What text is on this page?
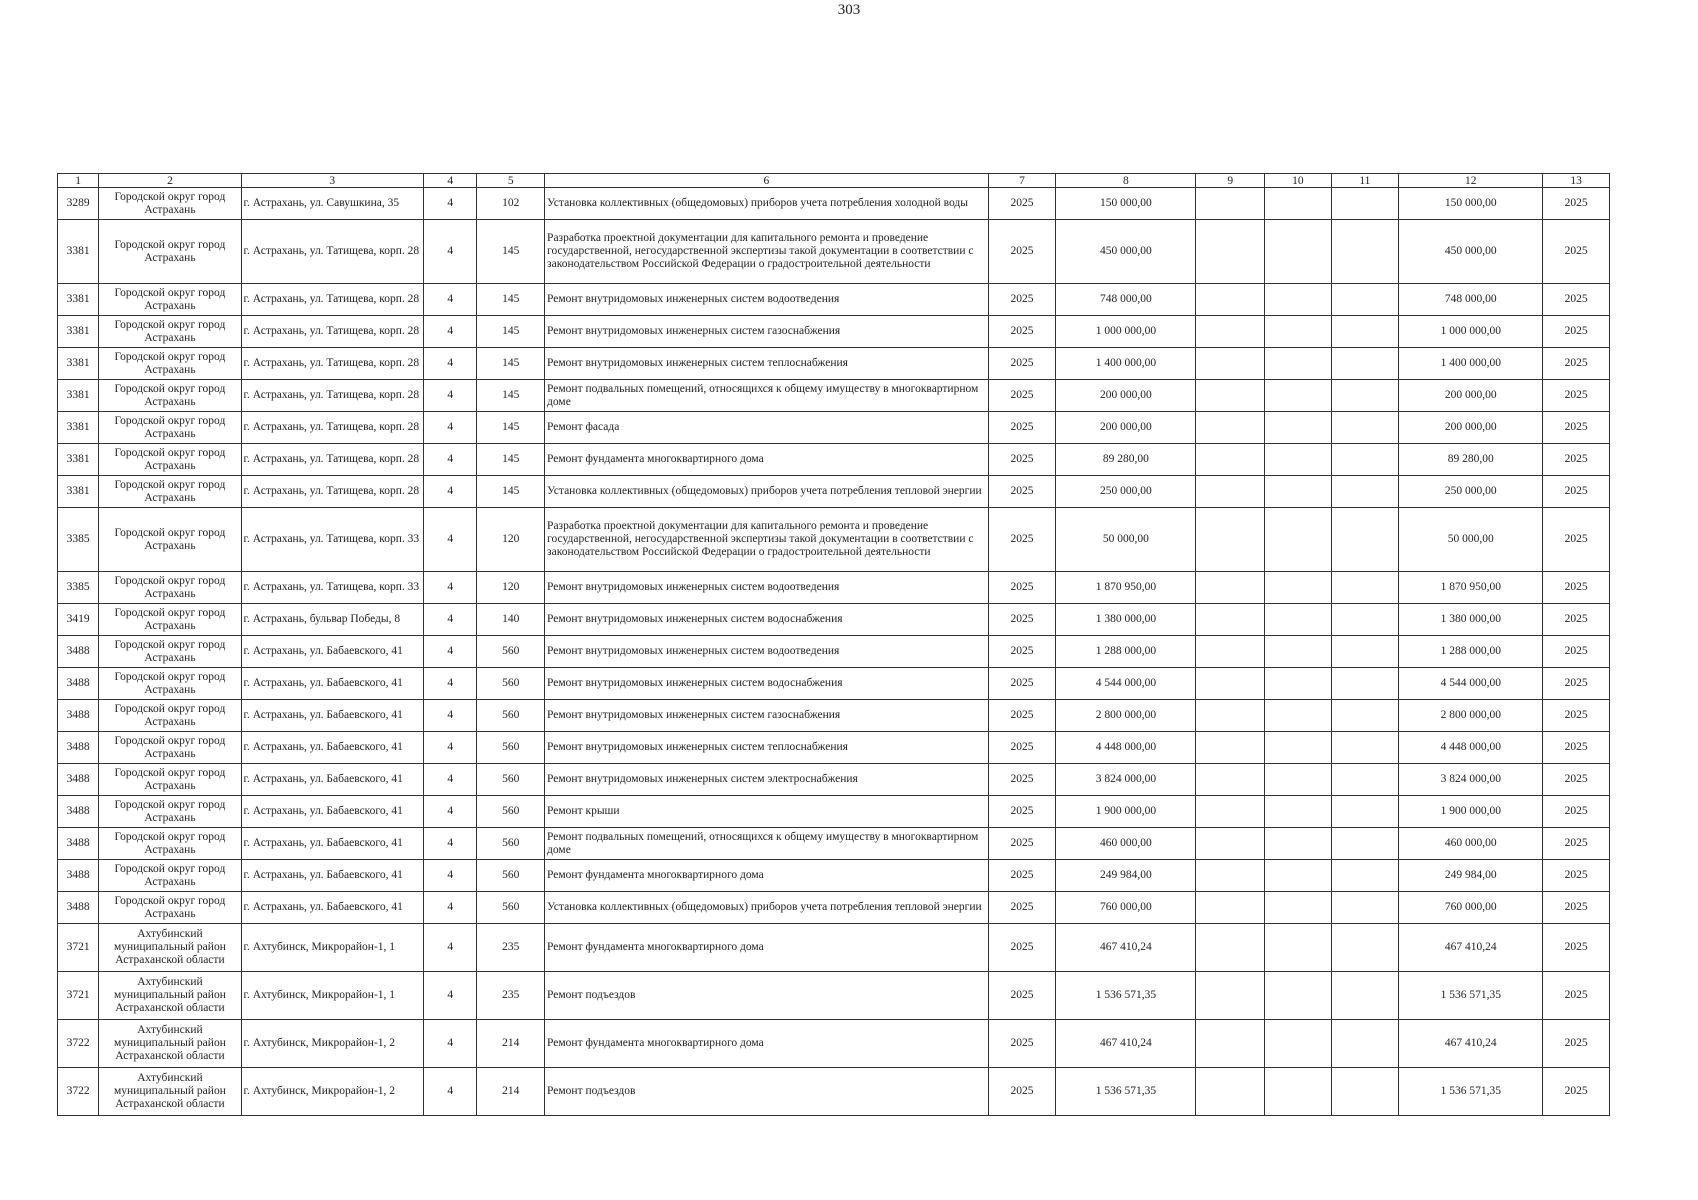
303
1	2	3	4	5	6	7	8	9	10	11	12	13
3289	Городской округ город Астрахань	г. Астрахань, ул. Савушкина, 35	4	102	Установка коллективных (общедомовых) приборов учета потребления холодной воды	2025	150 000,00				150 000,00	2025
3381	Городской округ город Астрахань	г. Астрахань, ул. Татищева, корп. 28	4	145	Разработка проектной документации для капитального ремонта и проведение государственной, негосударственной экспертизы такой документации в соответствии с законодательством Российской Федерации о градостроительной деятельности	2025	450 000,00				450 000,00	2025
3381	Городской округ город Астрахань	г. Астрахань, ул. Татищева, корп. 28	4	145	Ремонт внутридомовых инженерных систем водоотведения	2025	748 000,00				748 000,00	2025
3381	Городской округ город Астрахань	г. Астрахань, ул. Татищева, корп. 28	4	145	Ремонт внутридомовых инженерных систем газоснабжения	2025	1 000 000,00				1 000 000,00	2025
3381	Городской округ город Астрахань	г. Астрахань, ул. Татищева, корп. 28	4	145	Ремонт внутридомовых инженерных систем теплоснабжения	2025	1 400 000,00				1 400 000,00	2025
3381	Городской округ город Астрахань	г. Астрахань, ул. Татищева, корп. 28	4	145	Ремонт подвальных помещений, относящихся к общему имуществу в многоквартирном доме	2025	200 000,00				200 000,00	2025
3381	Городской округ город Астрахань	г. Астрахань, ул. Татищева, корп. 28	4	145	Ремонт фасада	2025	200 000,00				200 000,00	2025
3381	Городской округ город Астрахань	г. Астрахань, ул. Татищева, корп. 28	4	145	Ремонт фундамента многоквартирного дома	2025	89 280,00				89 280,00	2025
3381	Городской округ город Астрахань	г. Астрахань, ул. Татищева, корп. 28	4	145	Установка коллективных (общедомовых) приборов учета потребления тепловой энергии	2025	250 000,00				250 000,00	2025
3385	Городской округ город Астрахань	г. Астрахань, ул. Татищева, корп. 33	4	120	Разработка проектной документации для капитального ремонта и проведение государственной, негосударственной экспертизы такой документации в соответствии с законодательством Российской Федерации о градостроительной деятельности	2025	50 000,00				50 000,00	2025
3385	Городской округ город Астрахань	г. Астрахань, ул. Татищева, корп. 33	4	120	Ремонт внутридомовых инженерных систем водоотведения	2025	1 870 950,00				1 870 950,00	2025
3419	Городской округ город Астрахань	г. Астрахань, бульвар Победы, 8	4	140	Ремонт внутридомовых инженерных систем водоснабжения	2025	1 380 000,00				1 380 000,00	2025
3488	Городской округ город Астрахань	г. Астрахань, ул. Бабаевского, 41	4	560	Ремонт внутридомовых инженерных систем водоотведения	2025	1 288 000,00				1 288 000,00	2025
3488	Городской округ город Астрахань	г. Астрахань, ул. Бабаевского, 41	4	560	Ремонт внутридомовых инженерных систем водоснабжения	2025	4 544 000,00				4 544 000,00	2025
3488	Городской округ город Астрахань	г. Астрахань, ул. Бабаевского, 41	4	560	Ремонт внутридомовых инженерных систем газоснабжения	2025	2 800 000,00				2 800 000,00	2025
3488	Городской округ город Астрахань	г. Астрахань, ул. Бабаевского, 41	4	560	Ремонт внутридомовых инженерных систем теплоснабжения	2025	4 448 000,00				4 448 000,00	2025
3488	Городской округ город Астрахань	г. Астрахань, ул. Бабаевского, 41	4	560	Ремонт внутридомовых инженерных систем электроснабжения	2025	3 824 000,00				3 824 000,00	2025
3488	Городской округ город Астрахань	г. Астрахань, ул. Бабаевского, 41	4	560	Ремонт крыши	2025	1 900 000,00				1 900 000,00	2025
3488	Городской округ город Астрахань	г. Астрахань, ул. Бабаевского, 41	4	560	Ремонт подвальных помещений, относящихся к общему имуществу в многоквартирном доме	2025	460 000,00				460 000,00	2025
3488	Городской округ город Астрахань	г. Астрахань, ул. Бабаевского, 41	4	560	Ремонт фундамента многоквартирного дома	2025	249 984,00				249 984,00	2025
3488	Городской округ город Астрахань	г. Астрахань, ул. Бабаевского, 41	4	560	Установка коллективных (общедомовых) приборов учета потребления тепловой энергии	2025	760 000,00				760 000,00	2025
3721	Ахтубинский муниципальный район Астраханской области	г. Ахтубинск, Микрорайон-1, 1	4	235	Ремонт фундамента многоквартирного дома	2025	467 410,24				467 410,24	2025
3721	Ахтубинский муниципальный район Астраханской области	г. Ахтубинск, Микрорайон-1, 1	4	235	Ремонт подъездов	2025	1 536 571,35				1 536 571,35	2025
3722	Ахтубинский муниципальный район Астраханской области	г. Ахтубинск, Микрорайон-1, 2	4	214	Ремонт фундамента многоквартирного дома	2025	467 410,24				467 410,24	2025
3722	Ахтубинский муниципальный район Астраханской области	г. Ахтубинск, Микрорайон-1, 2	4	214	Ремонт подъездов	2025	1 536 571,35				1 536 571,35	2025
